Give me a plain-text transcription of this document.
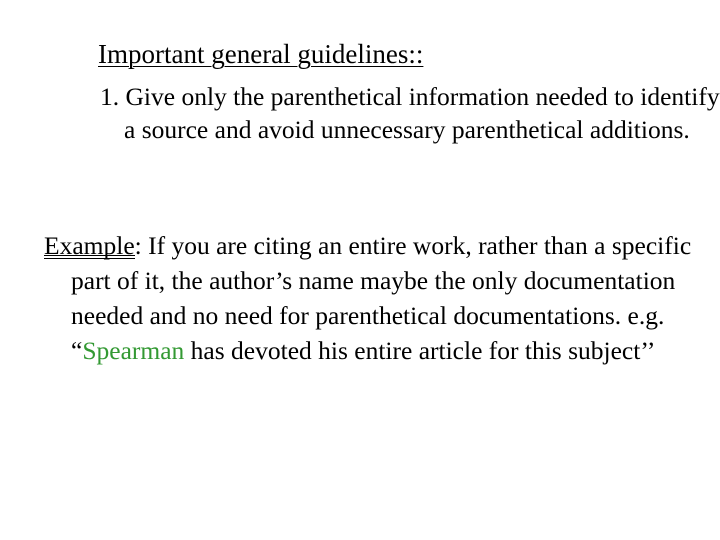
Important general guidelines::
1. Give only the parenthetical information needed to identify a source and avoid unnecessary parenthetical additions.
Example: If you are citing an entire work, rather than a specific part of it, the author’s name maybe the only documentation needed and no need for parenthetical documentations. e.g. “Spearman has devoted his entire article for this subject’’
